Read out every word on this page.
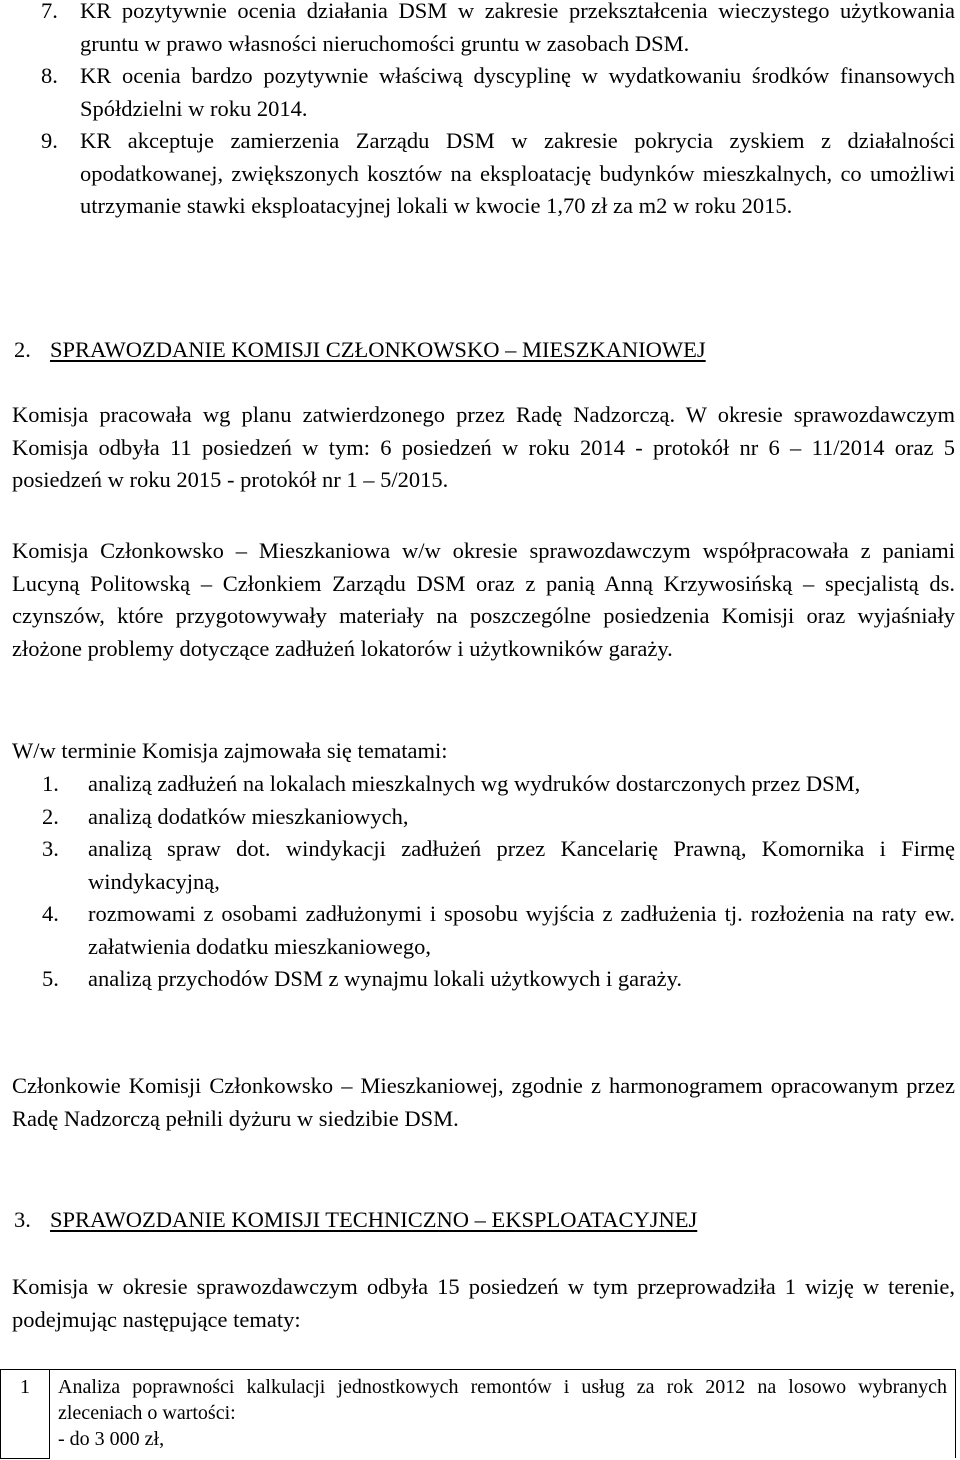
7. KR pozytywnie ocenia działania DSM w zakresie przekształcenia wieczystego użytkowania gruntu w prawo własności nieruchomości gruntu w zasobach DSM.
8. KR ocenia bardzo pozytywnie właściwą dyscyplinę w wydatkowaniu środków finansowych Spółdzielni w roku 2014.
9. KR akceptuje zamierzenia Zarządu DSM w zakresie pokrycia zyskiem z działalności opodatkowanej, zwiększonych kosztów na eksploatację budynków mieszkalnych, co umożliwi utrzymanie stawki eksploatacyjnej lokali w kwocie 1,70 zł za m2 w roku 2015.
2. SPRAWOZDANIE KOMISJI CZŁONKOWSKO – MIESZKANIOWEJ
Komisja pracowała wg planu zatwierdzonego przez Radę Nadzorczą. W okresie sprawozdawczym Komisja odbyła 11 posiedzeń w tym: 6 posiedzeń w roku 2014 - protokół nr 6 – 11/2014 oraz 5 posiedzeń w roku 2015 - protokół nr 1 – 5/2015.
Komisja Członkowsko – Mieszkaniowa w/w okresie sprawozdawczym współpracowała z paniami Lucyną Politowską – Członkiem Zarządu DSM oraz z panią Anną Krzywosińską – specjalistą ds. czynszów, które przygotowywały materiały na poszczególne posiedzenia Komisji oraz wyjaśniały złożone problemy dotyczące zadłużeń lokatorów i użytkowników garaży.
W/w terminie Komisja zajmowała się tematami:
1. analizą zadłużeń na lokalach mieszkalnych wg wydruków dostarczonych przez DSM,
2. analizą dodatków mieszkaniowych,
3. analizą spraw dot. windykacji zadłużeń przez Kancelarię Prawną, Komornika i Firmę windykacyjną,
4. rozmowami z osobami zadłużonymi i sposobu wyjścia z zadłużenia tj. rozłożenia na raty ew. załatwienia dodatku mieszkaniowego,
5. analizą przychodów DSM z wynajmu lokali użytkowych i garaży.
Członkowie Komisji Członkowsko – Mieszkaniowej, zgodnie z harmonogramem opracowanym przez Radę Nadzorczą pełnili dyżuru w siedzibie DSM.
3. SPRAWOZDANIE KOMISJI TECHNICZNO – EKSPLOATACYJNEJ
Komisja w okresie sprawozdawczym odbyła 15 posiedzeń w tym przeprowadziła 1 wizję w terenie, podejmując następujące tematy:
1	Analiza poprawności kalkulacji jednostkowych remontów i usług za rok 2012 na losowo wybranych zleceniach o wartości:
- do 3 000 zł,
